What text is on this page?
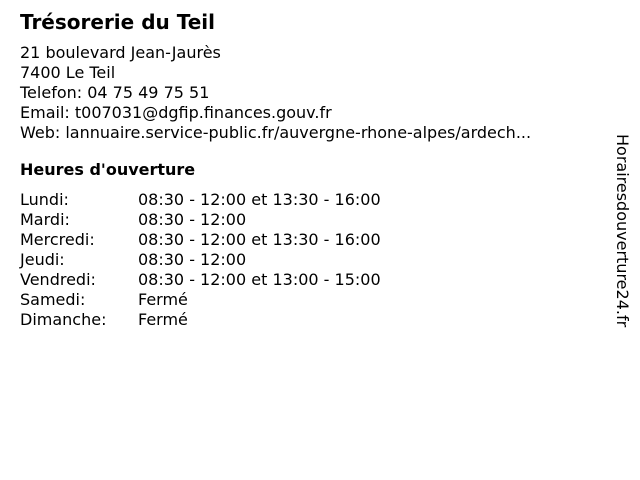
Trésorerie du Teil
21 boulevard Jean-Jaurès
7400 Le Teil
Telefon: 04 75 49 75 51
Email: t007031@dgfip.finances.gouv.fr
Web: lannuaire.service-public.fr/auvergne-rhone-alpes/ardech...
Heures d'ouverture
Lundi:	08:30 - 12:00 et 13:30 - 16:00
Mardi:	08:30 - 12:00
Mercredi:	08:30 - 12:00 et 13:30 - 16:00
Jeudi:	08:30 - 12:00
Vendredi:	08:30 - 12:00 et 13:00 - 15:00
Samedi:	Fermé
Dimanche:	Fermé	Horairesdouverture24.fr
